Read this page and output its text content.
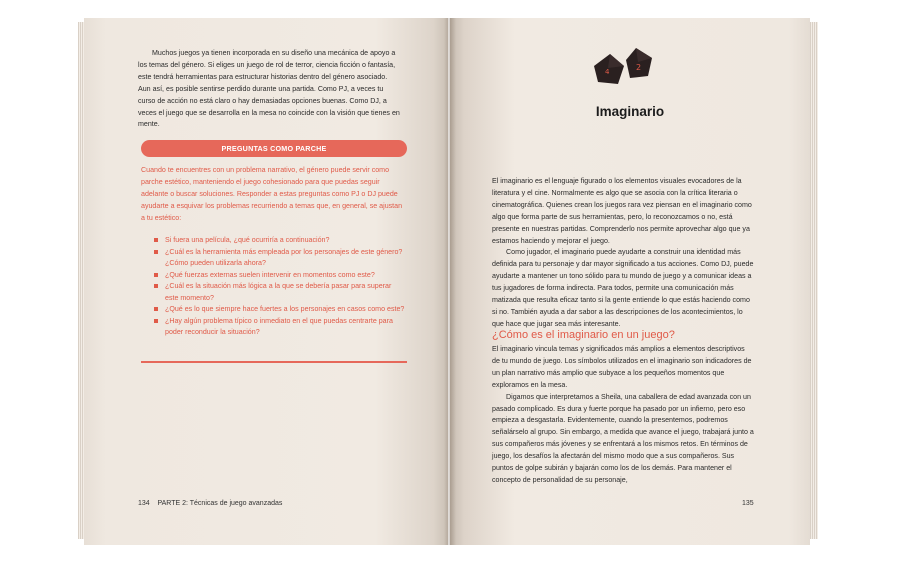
Muchos juegos ya tienen incorporada en su diseño una mecánica de apoyo a los temas del género. Si eliges un juego de rol de terror, ciencia ficción o fantasía, este tendrá herramientas para estructurar historias dentro del género asociado. Aun así, es posible sentirse perdido durante una partida. Como PJ, a veces tu curso de acción no está claro o hay demasiadas opciones buenas. Como DJ, a veces el juego que se desarrolla en la mesa no coincide con la visión que tienes en mente.

PREGUNTAS COMO PARCHE
Cuando te encuentres con un problema narrativo, el género puede servir como parche estético, manteniendo el juego cohesionado para que puedas seguir adelante o buscar soluciones. Responder a estas preguntas como PJ o DJ puede ayudarte a esquivar los problemas recurriendo a temas que, en general, se ajustan a tu estético:
Si fuera una película, ¿qué ocurriría a continuación?
¿Cuál es la herramienta más empleada por los personajes de este género? ¿Cómo pueden utilizarla ahora?
¿Qué fuerzas externas suelen intervenir en momentos como este?
¿Cuál es la situación más lógica a la que se debería pasar para superar este momento?
¿Qué es lo que siempre hace fuertes a los personajes en casos como este?
¿Hay algún problema típico o inmediato en el que puedas centrarte para poder reconducir la situación?
134 PARTE 2: Técnicas de juego avanzadas
4	2
Imaginario

El imaginario es el lenguaje figurado o los elementos visuales evocadores de la literatura y el cine. Normalmente es algo que se asocia con la crítica literaria o cinematográfica. Quienes crean los juegos rara vez piensan en el imaginario como algo que forma parte de sus herramientas, pero, lo reconozcamos o no, está presente en nuestras partidas. Comprenderlo nos permite aprovechar algo que ya estamos haciendo y mejorar el juego.

Como jugador, el imaginario puede ayudarte a construir una identidad más definida para tu personaje y dar mayor significado a tus acciones. Como DJ, puede ayudarte a mantener un tono sólido para tu mundo de juego y a comunicar ideas a tus jugadores de forma indirecta. Para todos, permite una comunicación más matizada que resulta eficaz tanto si la gente entiende lo que estás haciendo como si no. También ayuda a dar sabor a las descripciones de los acontecimientos, lo que hace que jugar sea más interesante.

¿Cómo es el imaginario en un juego?

El imaginario vincula temas y significados más amplios a elementos descriptivos de tu mundo de juego. Los símbolos utilizados en el imaginario son indicadores de un plan narrativo más amplio que subyace a los pequeños momentos que exploramos en la mesa.

Digamos que interpretamos a Sheila, una caballera de edad avanzada con un pasado complicado. Es dura y fuerte porque ha pasado por un infierno, pero eso empieza a desgastarla. Evidentemente, cuando la presentemos, podremos señalárselo al grupo. Sin embargo, a medida que avance el juego, trabajará junto a sus compañeros más jóvenes y se enfrentará a los mismos retos. En términos de juego, los desafíos la afectarán del mismo modo que a sus compañeros. Sus puntos de golpe subirán y bajarán como los de los demás. Para mantener el concepto de personalidad de su personaje,

135
